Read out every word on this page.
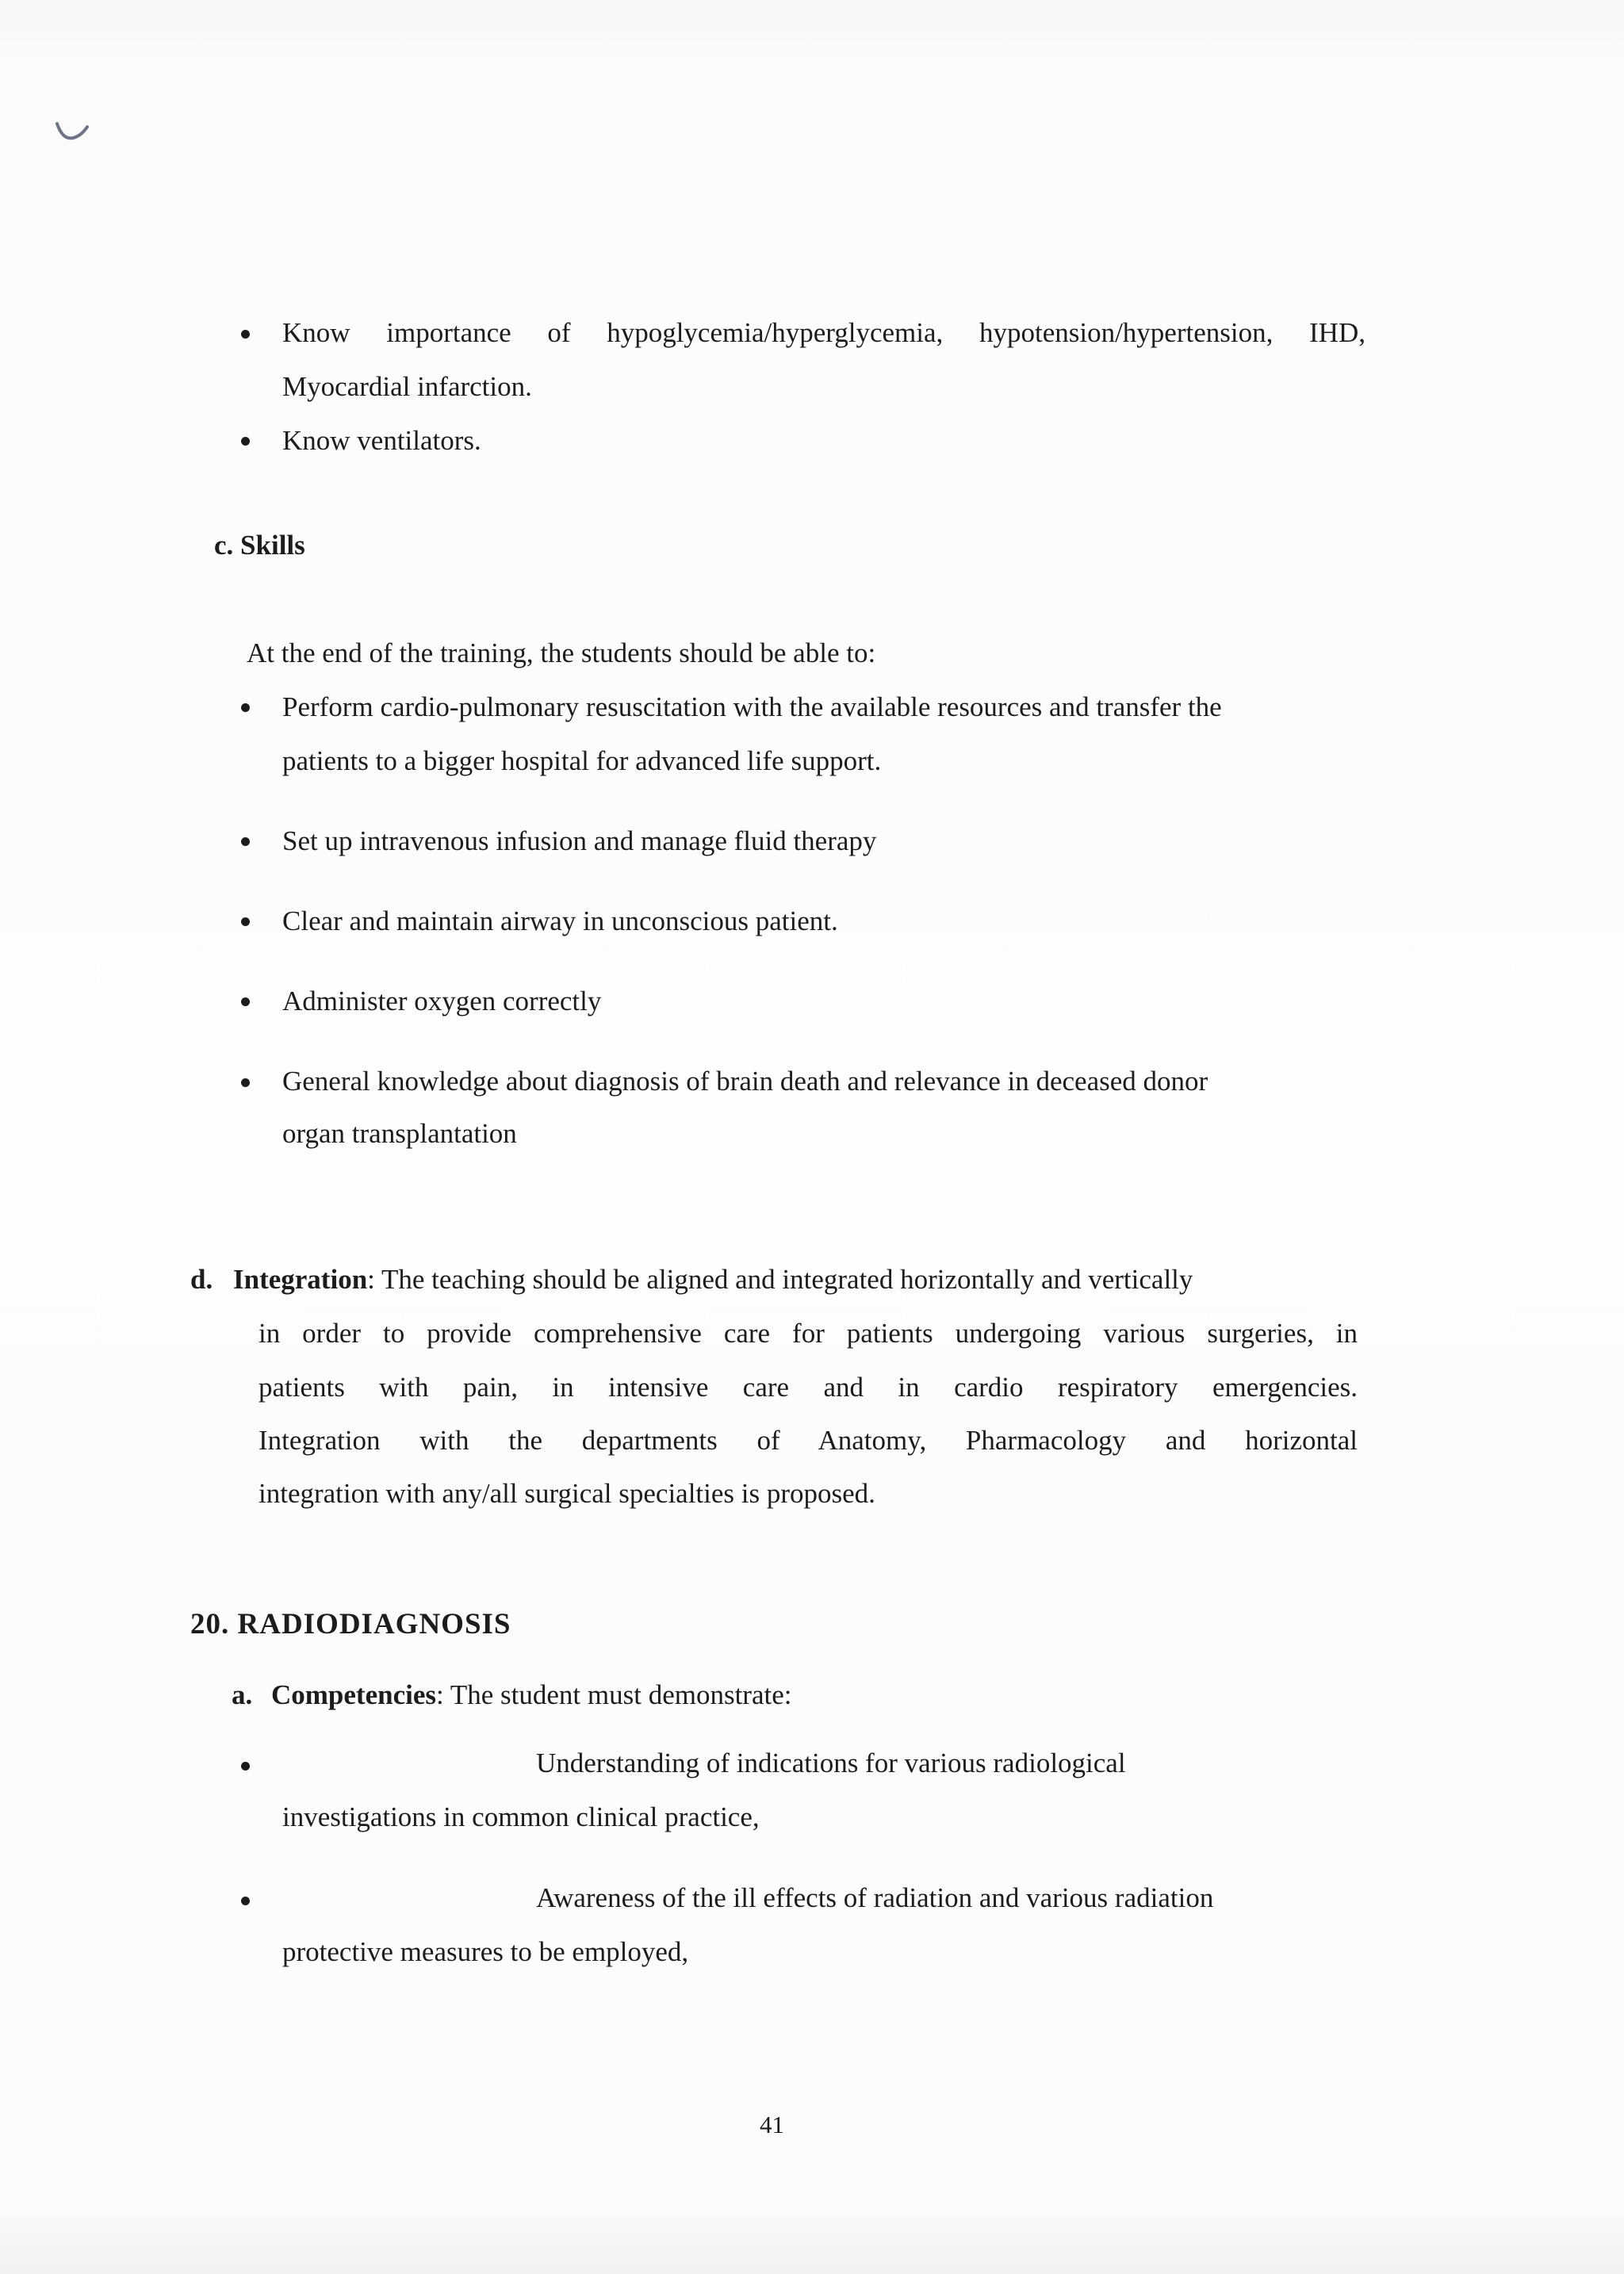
Know importance of hypoglycemia/hyperglycemia, hypotension/hypertension, IHD,
Myocardial infarction.
Know ventilators.
c. Skills
At the end of the training, the students should be able to:
Perform cardio-pulmonary resuscitation with the available resources and transfer the
patients to a bigger hospital for advanced life support.
Set up intravenous infusion and manage fluid therapy
Clear and maintain airway in unconscious patient.
Administer oxygen correctly
General knowledge about diagnosis of brain death and relevance in deceased donor
organ transplantation
d. Integration: The teaching should be aligned and integrated horizontally and vertically
in order to provide comprehensive care for patients undergoing various surgeries, in
patients with pain, in intensive care and in cardio respiratory emergencies.
Integration with the departments of Anatomy, Pharmacology and horizontal
integration with any/all surgical specialties is proposed.
20. RADIODIAGNOSIS
a. Competencies: The student must demonstrate:
Understanding of indications for various radiological
investigations in common clinical practice,
Awareness of the ill effects of radiation and various radiation
protective measures to be employed,
41
